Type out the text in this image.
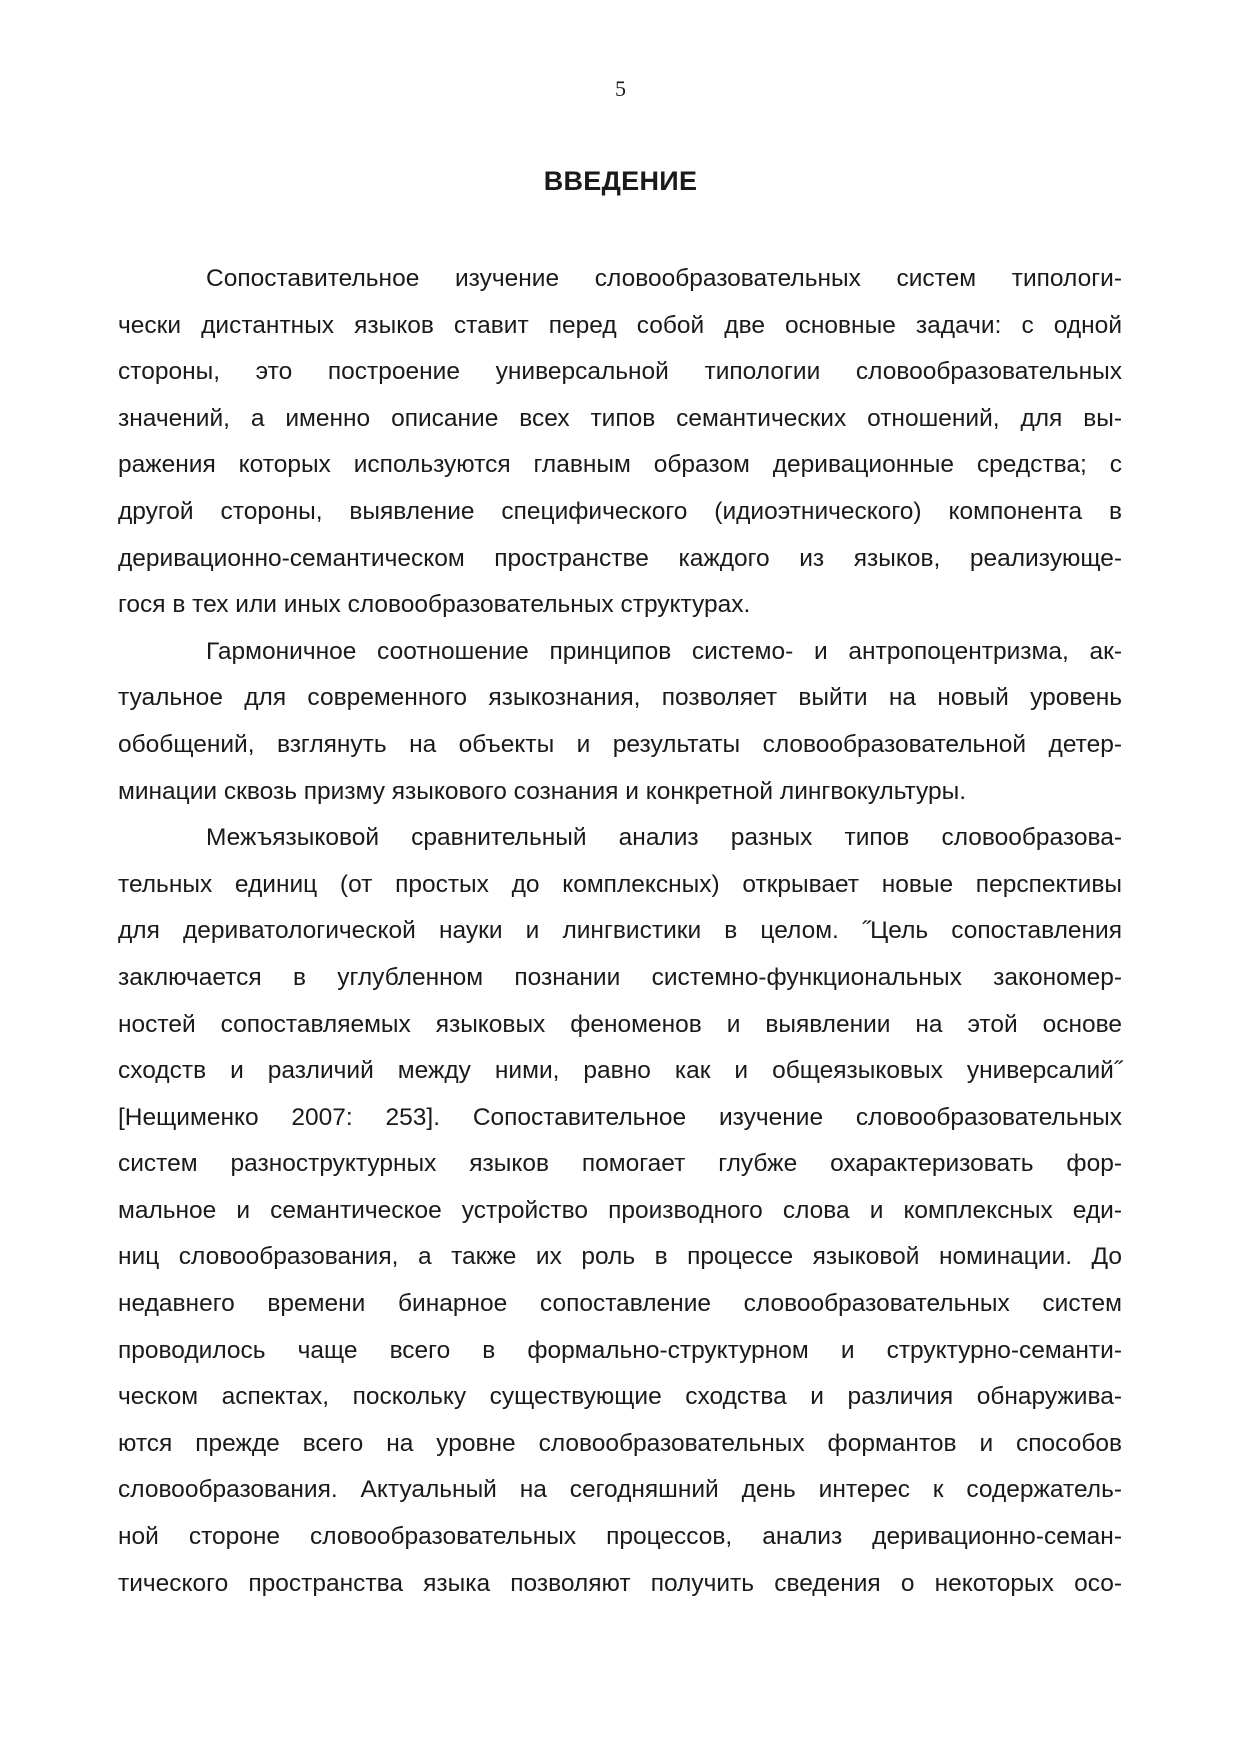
5
ВВЕДЕНИЕ
Сопоставительное изучение словообразовательных систем типологи-
чески дистантных языков ставит перед собой две основные задачи: с одной
стороны, это построение универсальной типологии словообразовательных
значений, а именно описание всех типов семантических отношений, для вы-
ражения которых используются главным образом деривационные средства; с
другой стороны, выявление специфического (идиоэтнического) компонента в
деривационно-семантическом пространстве каждого из языков, реализующе-
гося в тех или иных словообразовательных структурах.
Гармоничное соотношение принципов системо- и антропоцентризма, ак-
туальное для современного языкознания, позволяет выйти на новый уровень
обобщений, взглянуть на объекты и результаты словообразовательной детер-
минации сквозь призму языкового сознания и конкретной лингвокультуры.
Межъязыковой сравнительный анализ разных типов словообразова-
тельных единиц (от простых до комплексных) открывает новые перспективы
для дериватологической науки и лингвистики в целом. ˝Цель сопоставления
заключается в углубленном познании системно-функциональных закономер-
ностей сопоставляемых языковых феноменов и выявлении на этой основе
сходств и различий между ними, равно как и общеязыковых универсалий˝
[Нещименко 2007: 253]. Сопоставительное изучение словообразовательных
систем разноструктурных языков помогает глубже охарактеризовать фор-
мальное и семантическое устройство производного слова и комплексных еди-
ниц словообразования, а также их роль в процессе языковой номинации. До
недавнего времени бинарное сопоставление словообразовательных систем
проводилось чаще всего в формально-структурном и структурно-семанти-
ческом аспектах, поскольку существующие сходства и различия обнаружива-
ются прежде всего на уровне словообразовательных формантов и способов
словообразования. Актуальный на сегодняшний день интерес к содержатель-
ной стороне словообразовательных процессов, анализ деривационно-семан-
тического пространства языка позволяют получить сведения о некоторых осо-
